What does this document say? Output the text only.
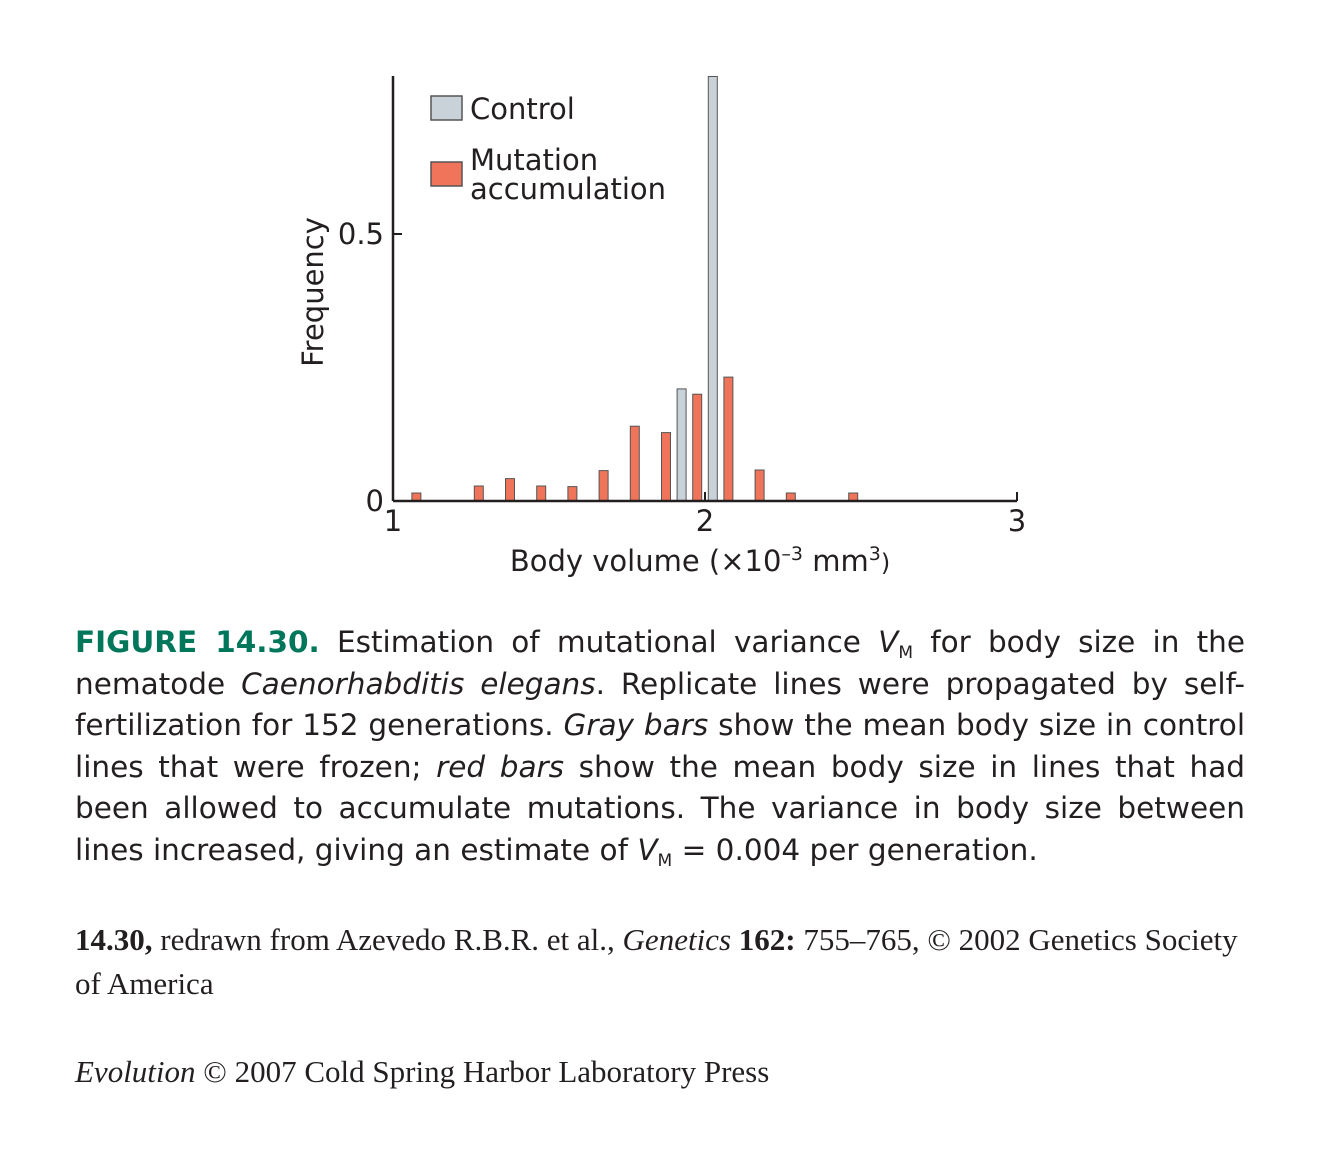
1	2	3
0
0.5
Frequency
Body volume ($\times 10^{-3}$ $mm^3_)$
Control
Mutation accumulation
FIGURE 14.30. Estimation of mutational variance $V_M$ for body size in the nematode Caenorhabditis elegans. Replicate lines were propagated by self-fertilization for 152 generations. Gray bars show the mean body size in control lines that were frozen; red bars show the mean body size in lines that had been allowed to accumulate mutations. The variance in body size between lines increased, giving an estimate of $V_M = 0.004$ per generation.
14.30, redrawn from Azevedo R.B.R. et al., Genetics 162: 755–765, © 2002 Genetics Society of America
Evolution © 2007 Cold Spring Harbor Laboratory Press
